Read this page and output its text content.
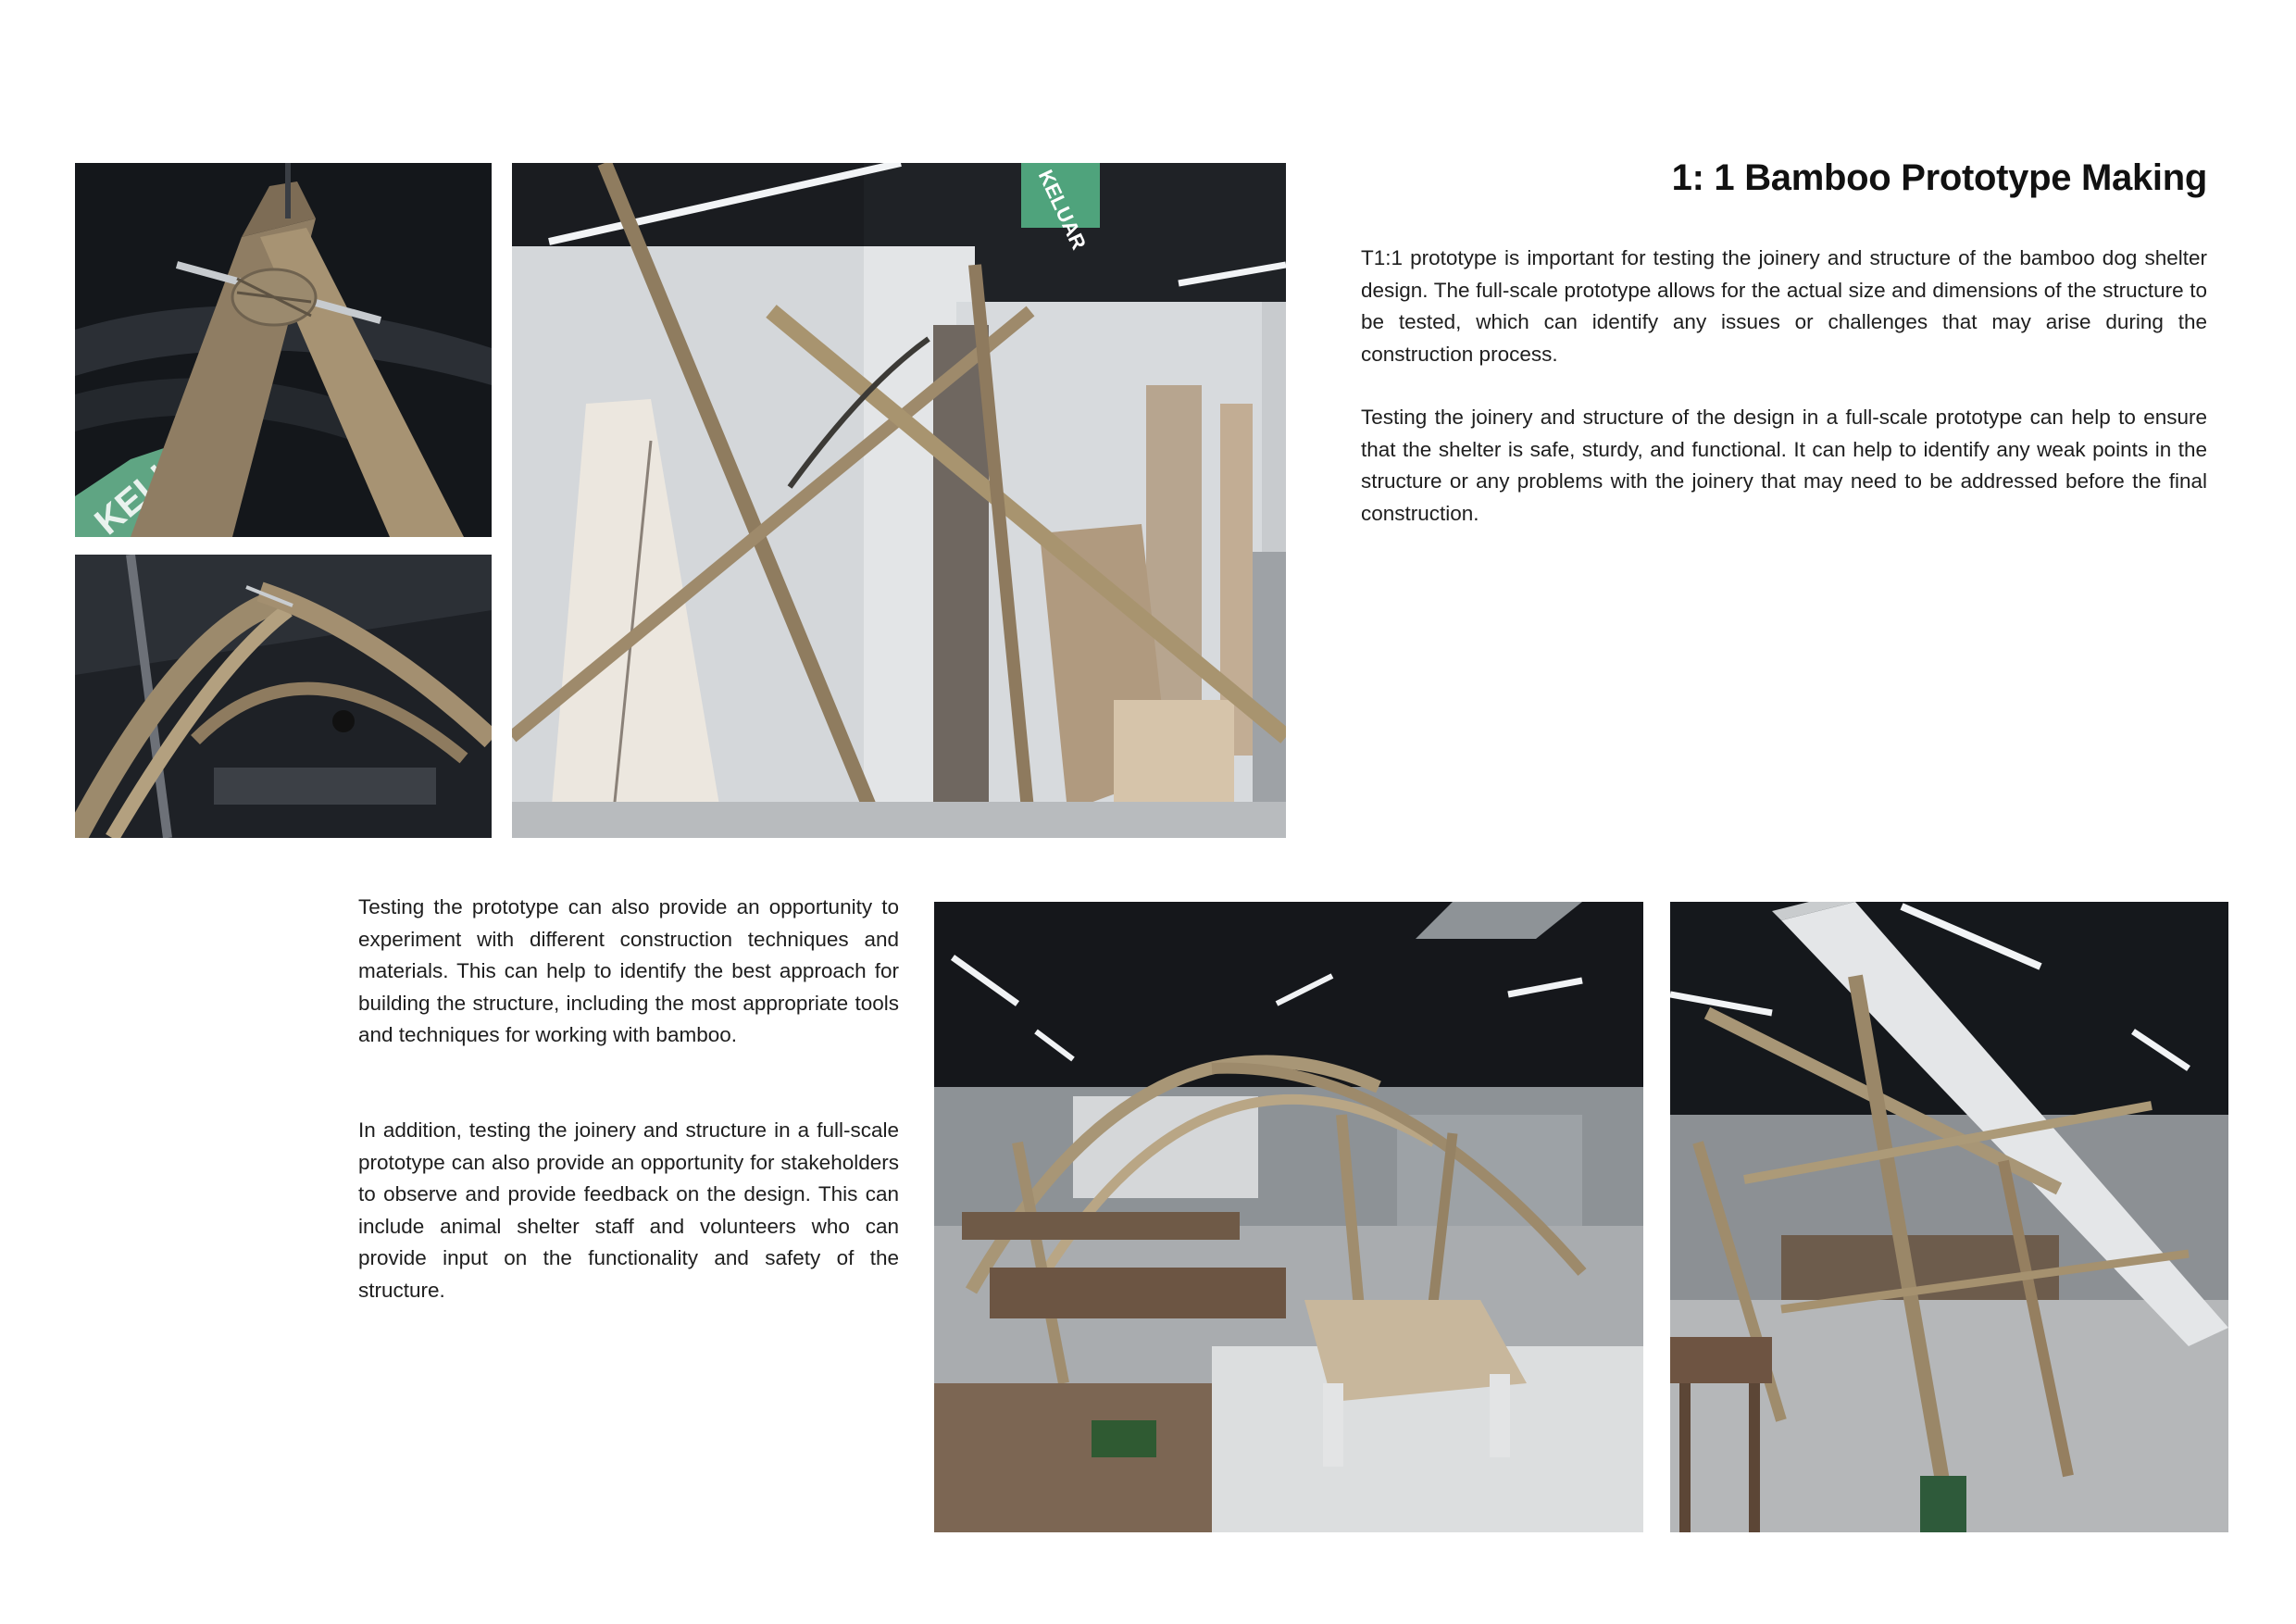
KELUAR	1: 1 Bamboo Prototype Making

T1:1 prototype is important for testing the joinery and structure of the bamboo dog shelter design. The full-scale prototype allows for the actual size and dimensions of the structure to be tested, which can identify any issues or challenges that may arise during the construction process.

Testing the joinery and structure of the design in a full-scale prototype can help to ensure that the shelter is safe, sturdy, and functional. It can help to identify any weak points in the structure or any problems with the joinery that may need to be addressed before the final construction.

Testing the prototype can also provide an opportunity to experiment with different construction techniques and materials. This can help to identify the best approach for building the structure, including the most appropriate tools and techniques for working with bamboo.

In addition, testing the joinery and structure in a full-scale prototype can also provide an opportunity for stakeholders to observe and provide feedback on the design. This can include animal shelter staff and volunteers who can provide input on the functionality and safety of the structure.
